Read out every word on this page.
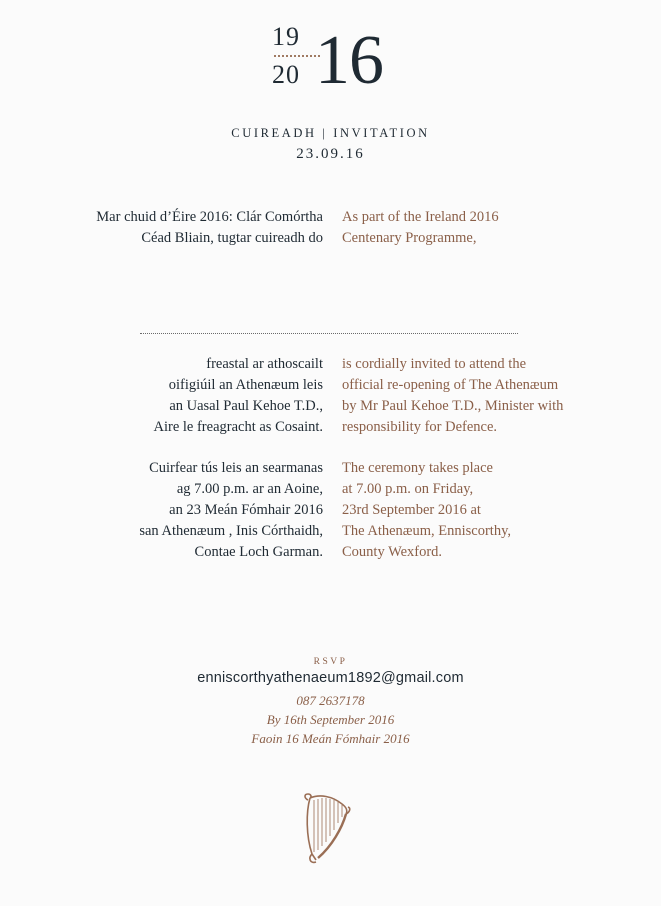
19
20 16
CUIREADH | INVITATION
23.09.16
Mar chuid d’Éire 2016: Clár Comórtha
Céad Bliain, tugtar cuireadh do
As part of the Ireland 2016
Centenary Programme,
freastal ar athoscailt
oifigiúil an Athenæum leis
an Uasal Paul Kehoe T.D.,
Aire le freagracht as Cosaint.
is cordially invited to attend the
official re-opening of The Athenæum
by Mr Paul Kehoe T.D., Minister with
responsibility for Defence.
Cuirfear tús leis an searmanas
ag 7.00 p.m. ar an Aoine,
an 23 Meán Fómhair 2016
san Athenæum , Inis Córthaidh,
Contae Loch Garman.
The ceremony takes place
at 7.00 p.m. on Friday,
23rd September 2016 at
The Athenæum, Enniscorthy,
County Wexford.
RSVP
enniscorthyathenaeum1892@gmail.com
087 2637178
By 16th September 2016
Faoin 16 Meán Fómhair 2016
